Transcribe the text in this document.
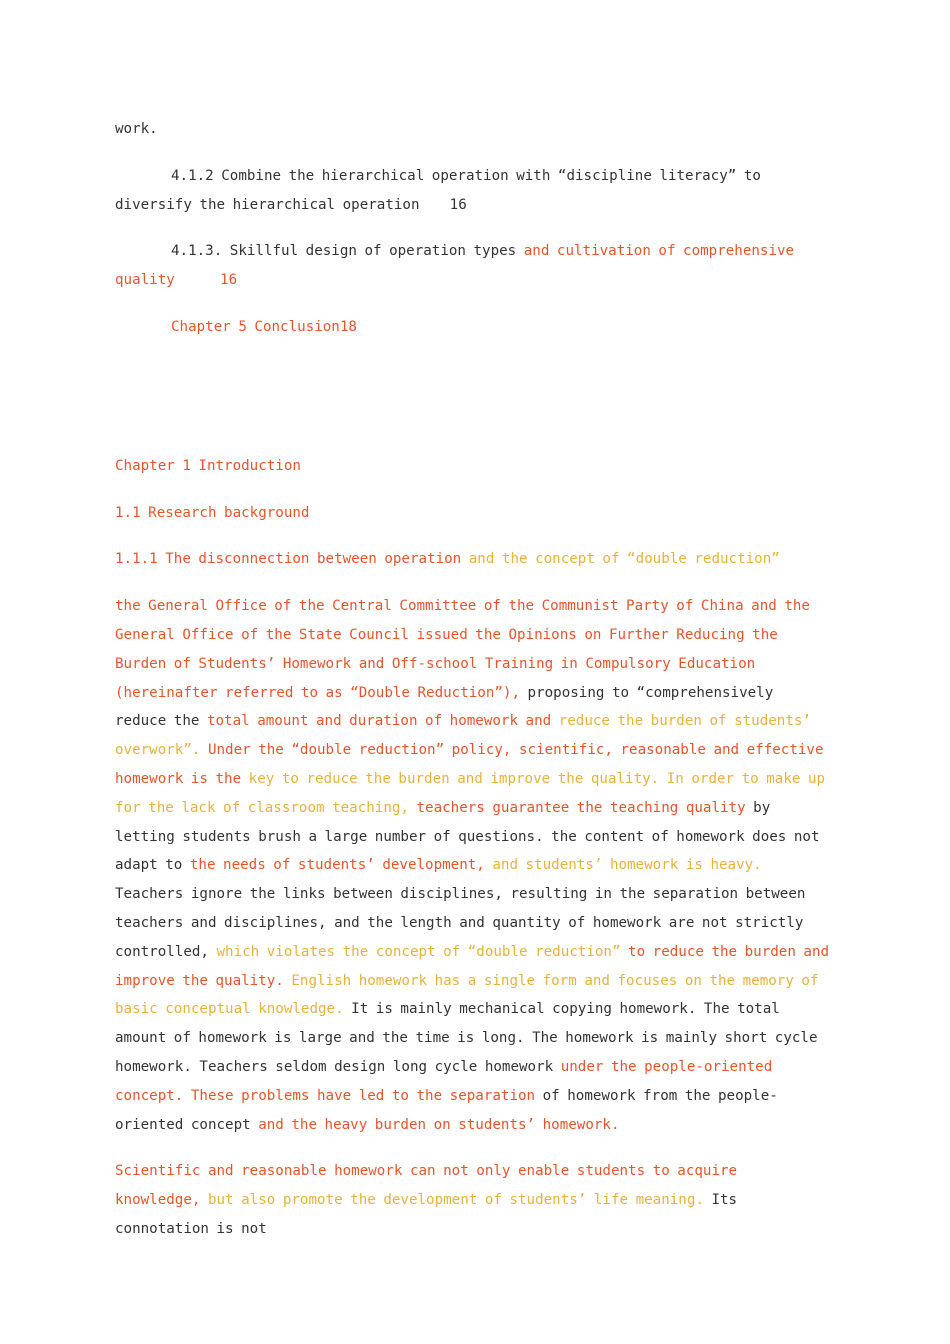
work.

4.1.2 Combine the hierarchical operation with “discipline literacy” to diversify the hierarchical operation 16

4.1.3. Skillful design of operation types and cultivation of comprehensive quality	16

Chapter 5 Conclusion18

Chapter 1 Introduction

1.1 Research background

1.1.1 The disconnection between operation and the concept of “double reduction”

the General Office of the Central Committee of the Communist Party of China and the General Office of the State Council issued the Opinions on Further Reducing the Burden of Students’ Homework and Off-school Training in Compulsory Education (hereinafter referred to as “Double Reduction”), proposing to “comprehensively reduce the total amount and duration of homework and reduce the burden of students’ overwork”. Under the “double reduction” policy, scientific, reasonable and effective homework is the key to reduce the burden and improve the quality. In order to make up for the lack of classroom teaching, teachers guarantee the teaching quality by letting students brush a large number of questions. the content of homework does not adapt to the needs of students’ development, and students’ homework is heavy. Teachers ignore the links between disciplines, resulting in the separation between teachers and disciplines, and the length and quantity of homework are not strictly controlled, which violates the concept of “double reduction” to reduce the burden and improve the quality. English homework has a single form and focuses on the memory of basic conceptual knowledge. It is mainly mechanical copying homework. The total amount of homework is large and the time is long. The homework is mainly short cycle homework. Teachers seldom design long cycle homework under the people-oriented concept. These problems have led to the separation of homework from the people-oriented concept and the heavy burden on students’ homework.

Scientific and reasonable homework can not only enable students to acquire knowledge, but also promote the development of students’ life meaning. Its connotation is not
